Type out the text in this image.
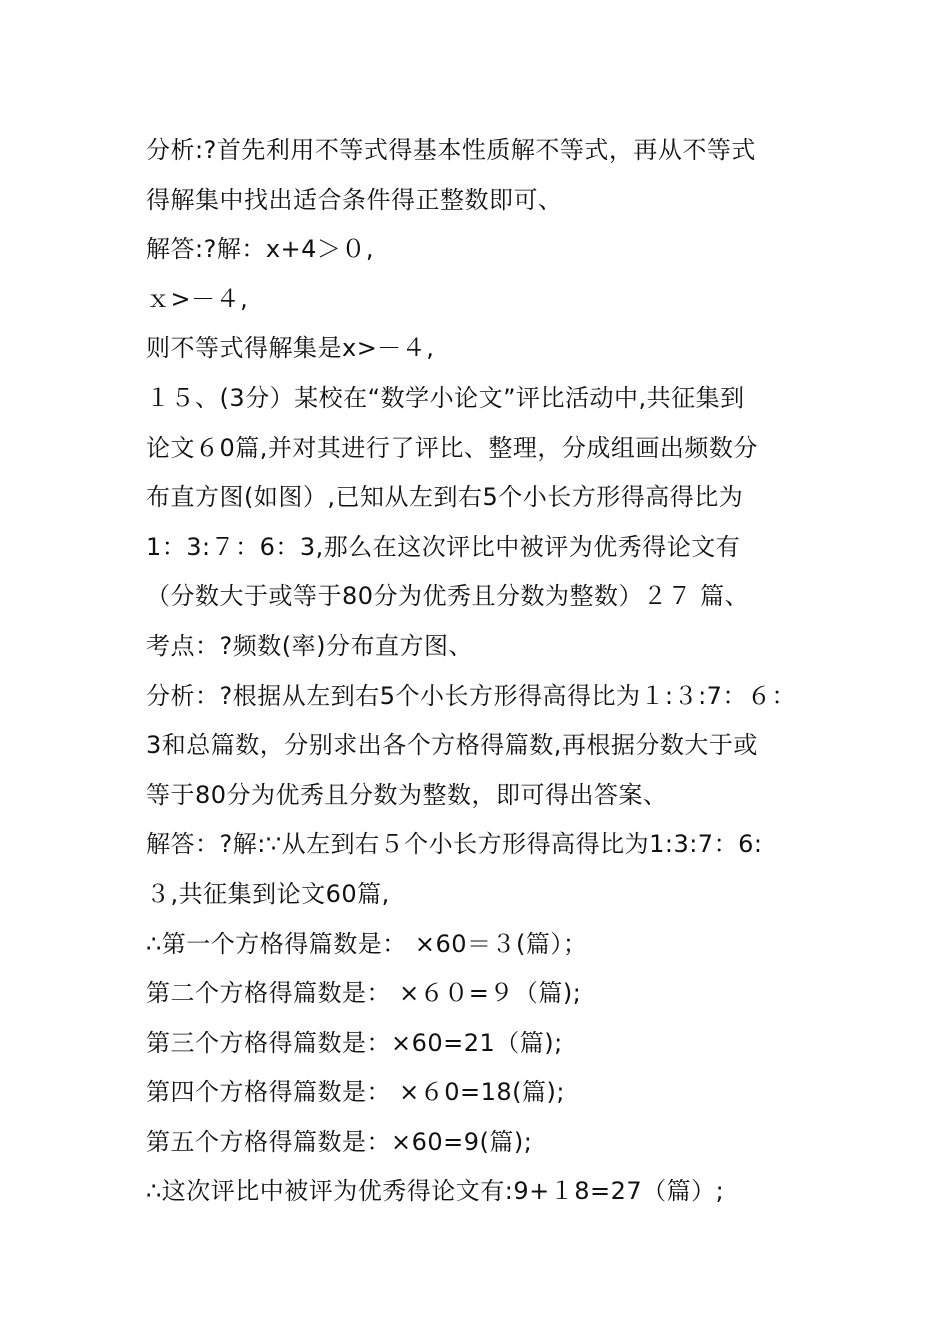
分析:?首先利用不等式得基本性质解不等式，再从不等式
得解集中找出适合条件得正整数即可、
解答:?解：x+4＞０,
ｘ>－４,
则不等式得解集是x>－４,
１５、(3分）某校在“数学小论文”评比活动中,共征集到
论文６0篇,并对其进行了评比、整理，分成组画出频数分
布直方图(如图）,已知从左到右5个小长方形得高得比为
1：3:７：6：3,那么在这次评比中被评为优秀得论文有
（分数大于或等于80分为优秀且分数为整数）２７ 篇、
考点：?频数(率)分布直方图、
分析：?根据从左到右5个小长方形得高得比为１:３:7：６：
3和总篇数，分别求出各个方格得篇数,再根据分数大于或
等于80分为优秀且分数为整数，即可得出答案、
解答：?解:∵从左到右５个小长方形得高得比为1:3:7：6:
３,共征集到论文60篇,
∴第一个方格得篇数是： ×60＝３(篇）；
第二个方格得篇数是： ×６０=９（篇);
第三个方格得篇数是：×60=21（篇);
第四个方格得篇数是： ×６0=18(篇);
第五个方格得篇数是：×60=9(篇);
∴这次评比中被评为优秀得论文有:9+１8=27（篇）;
